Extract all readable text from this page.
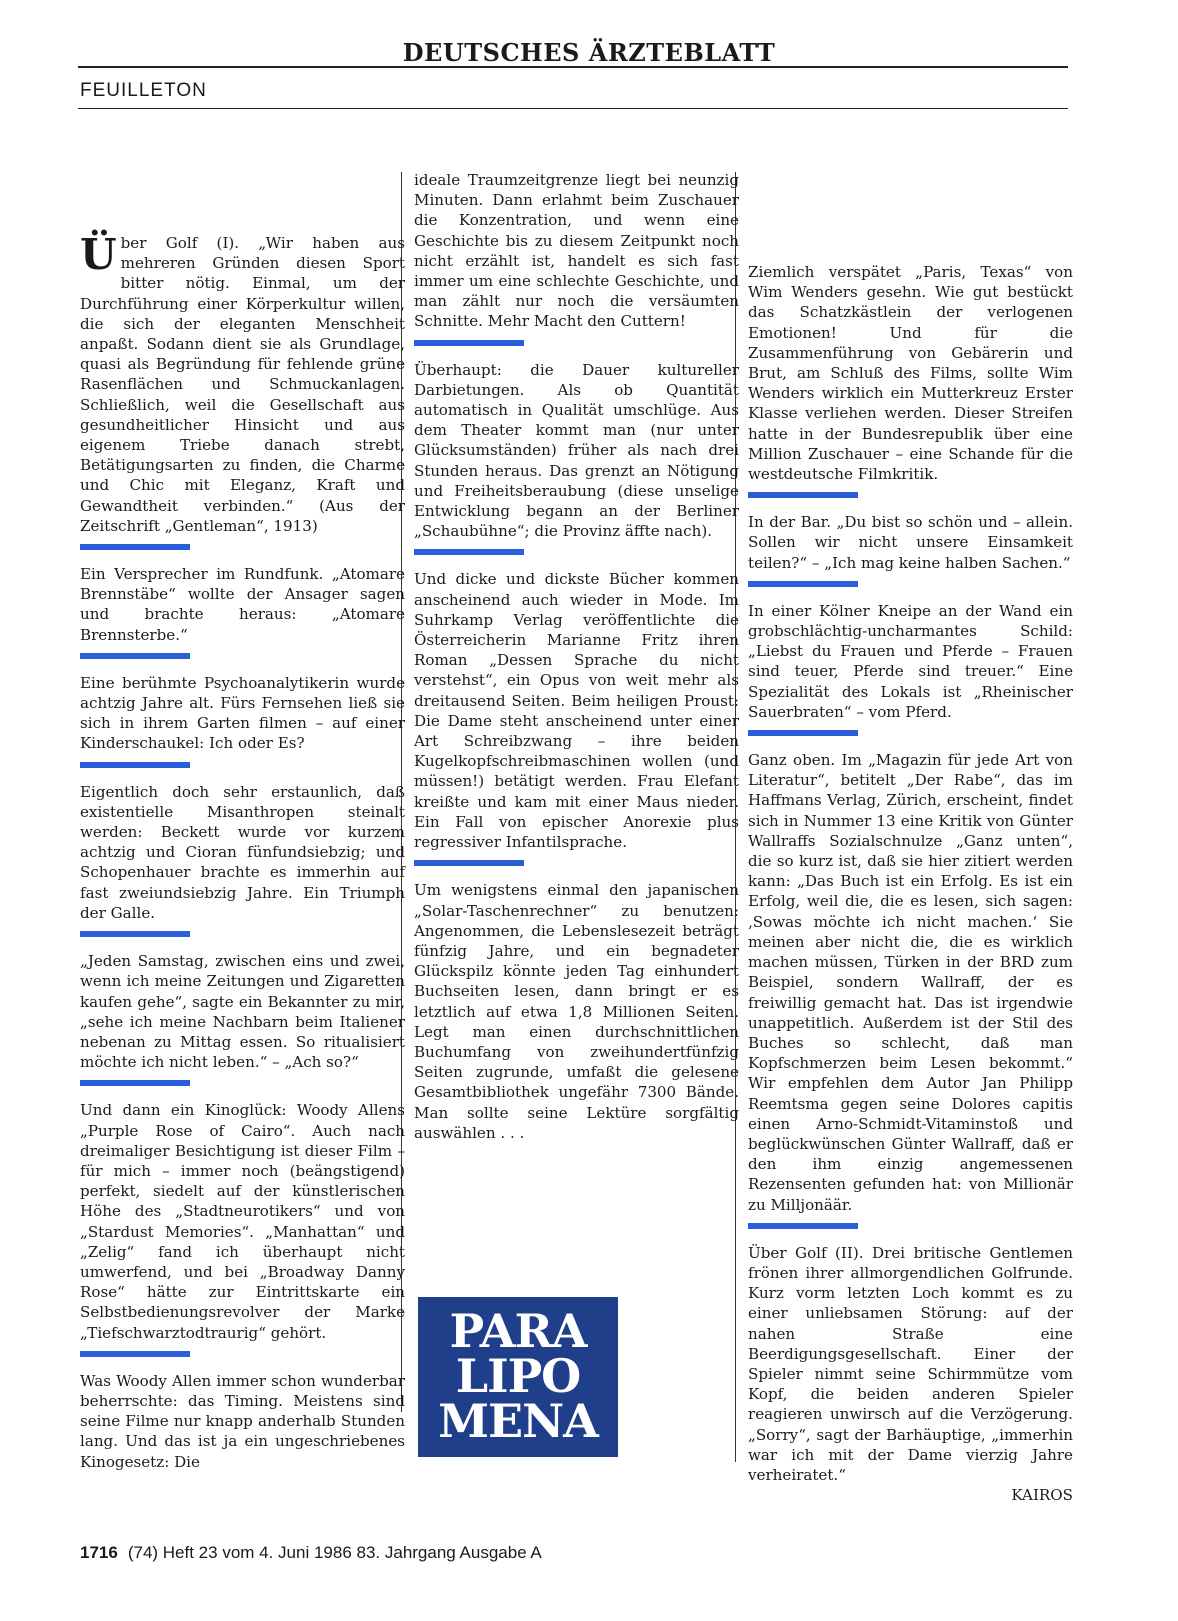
DEUTSCHES ÄRZTEBLATT
FEUILLETON

Über Golf (I). „Wir haben aus mehreren Gründen diesen Sport bitter nötig. Einmal, um der Durchführung einer Körperkultur willen, die sich der eleganten Menschheit anpaßt. Sodann dient sie als Grundlage, quasi als Begründung für fehlende grüne Rasenflächen und Schmuckanlagen. Schließlich, weil die Gesellschaft aus gesundheitlicher Hinsicht und aus eigenem Triebe danach strebt, Betätigungsarten zu finden, die Charme und Chic mit Eleganz, Kraft und Gewandtheit verbinden.“ (Aus der Zeitschrift „Gentleman“, 1913)

Ein Versprecher im Rundfunk. „Atomare Brennstäbe“ wollte der Ansager sagen und brachte heraus: „Atomare Brennsterbe.“

Eine berühmte Psychoanalytikerin wurde achtzig Jahre alt. Fürs Fernsehen ließ sie sich in ihrem Garten filmen – auf einer Kinderschaukel: Ich oder Es?

Eigentlich doch sehr erstaunlich, daß existentielle Misanthropen steinalt werden: Beckett wurde vor kurzem achtzig und Cioran fünfundsiebzig; und Schopenhauer brachte es immerhin auf fast zweiundsiebzig Jahre. Ein Triumph der Galle.

„Jeden Samstag, zwischen eins und zwei, wenn ich meine Zeitungen und Zigaretten kaufen gehe“, sagte ein Bekannter zu mir, „sehe ich meine Nachbarn beim Italiener nebenan zu Mittag essen. So ritualisiert möchte ich nicht leben.“ – „Ach so?“

Und dann ein Kinoglück: Woody Allens „Purple Rose of Cairo“. Auch nach dreimaliger Besichtigung ist dieser Film – für mich – immer noch (beängstigend) perfekt, siedelt auf der künstlerischen Höhe des „Stadtneurotikers“ und von „Stardust Memories“. „Manhattan“ und „Zelig“ fand ich überhaupt nicht umwerfend, und bei „Broadway Danny Rose“ hätte zur Eintrittskarte ein Selbstbedienungsrevolver der Marke „Tiefschwarztodtraurig“ gehört.

Was Woody Allen immer schon wunderbar beherrschte: das Timing. Meistens sind seine Filme nur knapp anderhalb Stunden lang. Und das ist ja ein ungeschriebenes Kinogesetz: Die

ideale Traumzeitgrenze liegt bei neunzig Minuten. Dann erlahmt beim Zuschauer die Konzentration, und wenn eine Geschichte bis zu diesem Zeitpunkt noch nicht erzählt ist, handelt es sich fast immer um eine schlechte Geschichte, und man zählt nur noch die versäumten Schnitte. Mehr Macht den Cuttern!

Überhaupt: die Dauer kultureller Darbietungen. Als ob Quantität automatisch in Qualität umschlüge. Aus dem Theater kommt man (nur unter Glücksumständen) früher als nach drei Stunden heraus. Das grenzt an Nötigung und Freiheitsberaubung (diese unselige Entwicklung begann an der Berliner „Schaubühne“; die Provinz äffte nach).

Und dicke und dickste Bücher kommen anscheinend auch wieder in Mode. Im Suhrkamp Verlag veröffentlichte die Österreicherin Marianne Fritz ihren Roman „Dessen Sprache du nicht verstehst“, ein Opus von weit mehr als dreitausend Seiten. Beim heiligen Proust: Die Dame steht anscheinend unter einer Art Schreibzwang – ihre beiden Kugelkopfschreibmaschinen wollen (und müssen!) betätigt werden. Frau Elefant kreißte und kam mit einer Maus nieder. Ein Fall von epischer Anorexie plus regressiver Infantilsprache.

Um wenigstens einmal den japanischen „Solar-Taschenrechner“ zu benutzen: Angenommen, die Lebenslesezeit beträgt fünfzig Jahre, und ein begnadeter Glückspilz könnte jeden Tag einhundert Buchseiten lesen, dann bringt er es letztlich auf etwa 1,8 Millionen Seiten. Legt man einen durchschnittlichen Buchumfang von zweihundertfünfzig Seiten zugrunde, umfaßt die gelesene Gesamtbibliothek ungefähr 7300 Bände. Man sollte seine Lektüre sorgfältig auswählen . . .

PARA
LIPO
MENA

Ziemlich verspätet „Paris, Texas“ von Wim Wenders gesehn. Wie gut bestückt das Schatzkästlein der verlogenen Emotionen! Und für die Zusammenführung von Gebärerin und Brut, am Schluß des Films, sollte Wim Wenders wirklich ein Mutterkreuz Erster Klasse verliehen werden. Dieser Streifen hatte in der Bundesrepublik über eine Million Zuschauer – eine Schande für die westdeutsche Filmkritik.

In der Bar. „Du bist so schön und – allein. Sollen wir nicht unsere Einsamkeit teilen?“ – „Ich mag keine halben Sachen.“

In einer Kölner Kneipe an der Wand ein grobschlächtig-uncharmantes Schild: „Liebst du Frauen und Pferde – Frauen sind teuer, Pferde sind treuer.“ Eine Spezialität des Lokals ist „Rheinischer Sauerbraten“ – vom Pferd.

Ganz oben. Im „Magazin für jede Art von Literatur“, betitelt „Der Rabe“, das im Haffmans Verlag, Zürich, erscheint, findet sich in Nummer 13 eine Kritik von Günter Wallraffs Sozialschnulze „Ganz unten“, die so kurz ist, daß sie hier zitiert werden kann: „Das Buch ist ein Erfolg. Es ist ein Erfolg, weil die, die es lesen, sich sagen: ‚Sowas möchte ich nicht machen.‘ Sie meinen aber nicht die, die es wirklich machen müssen, Türken in der BRD zum Beispiel, sondern Wallraff, der es freiwillig gemacht hat. Das ist irgendwie unappetitlich. Außerdem ist der Stil des Buches so schlecht, daß man Kopfschmerzen beim Lesen bekommt.“ Wir empfehlen dem Autor Jan Philipp Reemtsma gegen seine Dolores capitis einen Arno-Schmidt-Vitaminstoß und beglückwünschen Günter Wallraff, daß er den ihm einzig angemessenen Rezensenten gefunden hat: von Millionär zu Milljonäär.

Über Golf (II). Drei britische Gentlemen frönen ihrer allmorgendlichen Golfrunde. Kurz vorm letzten Loch kommt es zu einer unliebsamen Störung: auf der nahen Straße eine Beerdigungsgesellschaft. Einer der Spieler nimmt seine Schirmmütze vom Kopf, die beiden anderen Spieler reagieren unwirsch auf die Verzögerung. „Sorry“, sagt der Barhäuptige, „immerhin war ich mit der Dame vierzig Jahre verheiratet.“

KAIROS

1716 (74) Heft 23 vom 4. Juni 1986 83. Jahrgang Ausgabe A
